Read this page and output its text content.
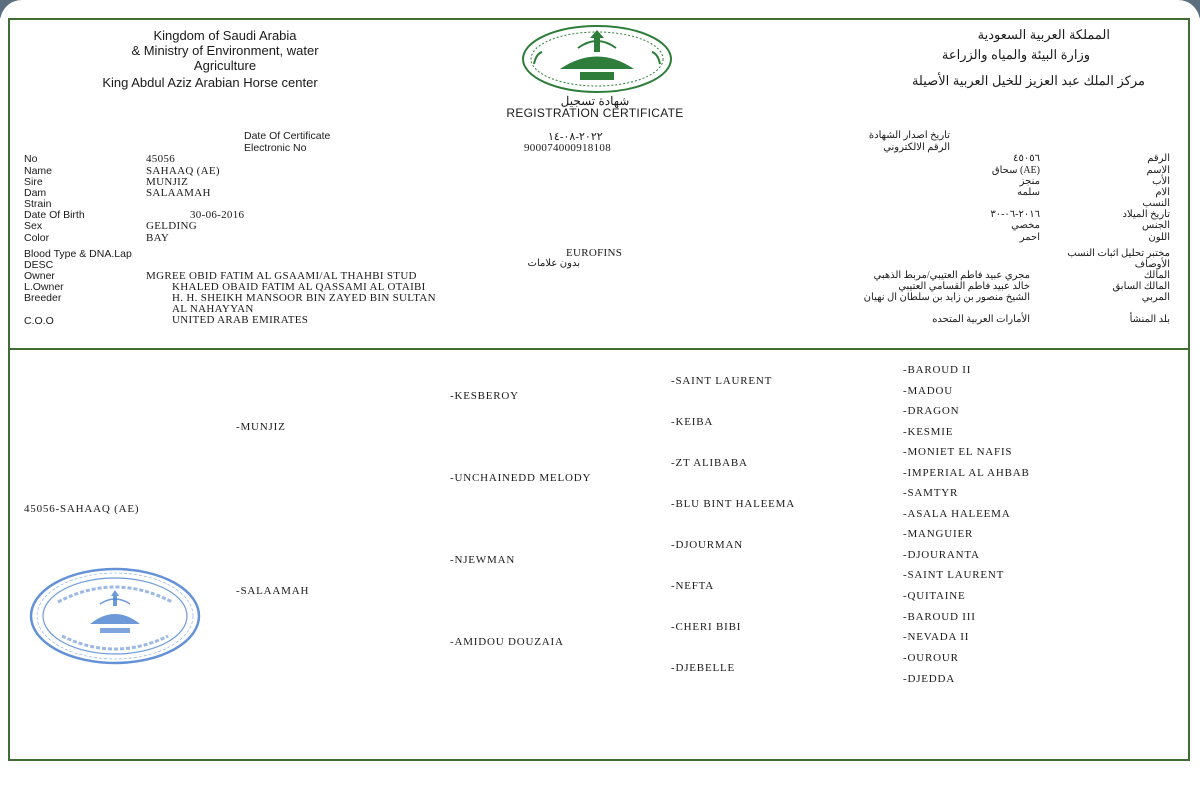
Kingdom of Saudi Arabia
& Ministry of Environment, water
Agriculture
King Abdul Aziz Arabian Horse center
المملكة العربية السعودية
وزارة البيئة والمياه والزراعة
مركز الملك عبد العزيز للخيل العربية الأصيلة
شهادة تسجيل
REGISTRATION CERTIFICATE
Date Of Certificate	٢٠٢٢-٠٨-١٤	تاريخ اصدار الشهادة
Electronic No	900074000918108	الرقم الالكتروني
No	45056	٤٥٠٥٦	الرقم
Name	SAHAAQ (AE)	(AE) سحاق	الاسم
Sire	MUNJIZ	منجز	الأب
Dam	SALAAMAH	سلمه	الام
Strain	النسب
Date Of Birth	30-06-2016	٢٠١٦-٠٦-٣٠	تاريخ الميلاد
Sex	GELDING	مخصي	الجنس
Color	BAY	احمر	اللون
Blood Type & DNA.Lap	EUROFINS	مختبر تحليل اثبات النسب
DESC	بدون علامات	الأوصاف
Owner	MGREE OBID FATIM AL GSAAMI/AL THAHBI STUD	مجري عبيد فاطم العتيبي/مربط الذهبي	المالك
L.Owner	KHALED OBAID FATIM AL QASSAMI AL OTAIBI	خالد عبيد فاطم القسامي العتيبي	المالك السابق
Breeder	H. H. SHEIKH MANSOOR BIN ZAYED BIN SULTAN
AL NAHAYYAN
الشيخ منصور بن زايد بن سلطان ال نهيان	المربي
C.O.O	UNITED ARAB EMIRATES	الأمارات العربية المتحده	بلد المنشأ
45056-SAHAAQ (AE)
-MUNJIZ
-SALAAMAH
-KESBEROY
-UNCHAINEDD MELODY
-NJEWMAN
-AMIDOU DOUZAIA
-SAINT LAURENT
-KEIBA
-ZT ALIBABA
-BLU BINT HALEEMA
-DJOURMAN
-NEFTA
-CHERI BIBI
-DJEBELLE
-BAROUD II
-MADOU
-DRAGON
-KESMIE
-MONIET EL NAFIS
-IMPERIAL AL AHBAB
-SAMTYR
-ASALA HALEEMA
-MANGUIER
-DJOURANTA
-SAINT LAURENT
-QUITAINE
-BAROUD III
-NEVADA II
-OUROUR
-DJEDDA
